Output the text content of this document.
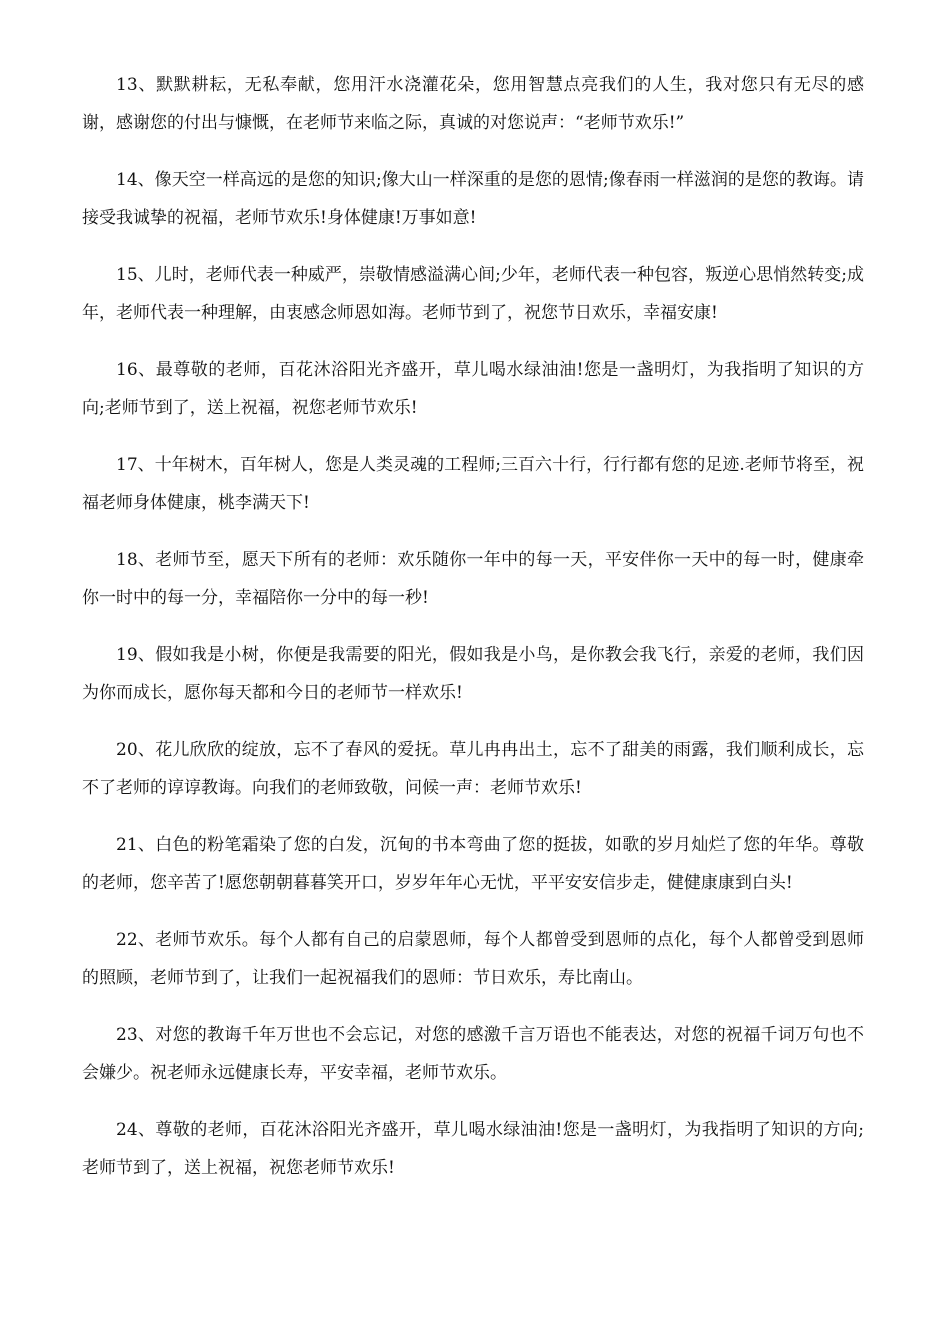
13、默默耕耘，无私奉献，您用汗水浇灌花朵，您用智慧点亮我们的人生，我对您只有无尽的感谢，感谢您的付出与慷慨，在老师节来临之际，真诚的对您说声：“老师节欢乐!”

14、像天空一样高远的是您的知识;像大山一样深重的是您的恩情;像春雨一样滋润的是您的教诲。请接受我诚挚的祝福，老师节欢乐!身体健康!万事如意!

15、儿时，老师代表一种威严，崇敬情感溢满心间;少年，老师代表一种包容，叛逆心思悄然转变;成年，老师代表一种理解，由衷感念师恩如海。老师节到了，祝您节日欢乐，幸福安康!

16、最尊敬的老师，百花沐浴阳光齐盛开，草儿喝水绿油油!您是一盏明灯，为我指明了知识的方向;老师节到了，送上祝福，祝您老师节欢乐!

17、十年树木，百年树人，您是人类灵魂的工程师;三百六十行，行行都有您的足迹.老师节将至，祝福老师身体健康，桃李满天下!

18、老师节至，愿天下所有的老师：欢乐随你一年中的每一天，平安伴你一天中的每一时，健康牵你一时中的每一分，幸福陪你一分中的每一秒!

19、假如我是小树，你便是我需要的阳光，假如我是小鸟，是你教会我飞行，亲爱的老师，我们因为你而成长，愿你每天都和今日的老师节一样欢乐!

20、花儿欣欣的绽放，忘不了春风的爱抚。草儿冉冉出土，忘不了甜美的雨露，我们顺利成长，忘不了老师的谆谆教诲。向我们的老师致敬，问候一声：老师节欢乐!

21、白色的粉笔霜染了您的白发，沉甸的书本弯曲了您的挺拔，如歌的岁月灿烂了您的年华。尊敬的老师，您辛苦了!愿您朝朝暮暮笑开口，岁岁年年心无忧，平平安安信步走，健健康康到白头!

22、老师节欢乐。每个人都有自己的启蒙恩师，每个人都曾受到恩师的点化，每个人都曾受到恩师的照顾，老师节到了，让我们一起祝福我们的恩师：节日欢乐，寿比南山。

23、对您的教诲千年万世也不会忘记，对您的感激千言万语也不能表达，对您的祝福千词万句也不会嫌少。祝老师永远健康长寿，平安幸福，老师节欢乐。

24、尊敬的老师，百花沐浴阳光齐盛开，草儿喝水绿油油!您是一盏明灯，为我指明了知识的方向;老师节到了，送上祝福，祝您老师节欢乐!
